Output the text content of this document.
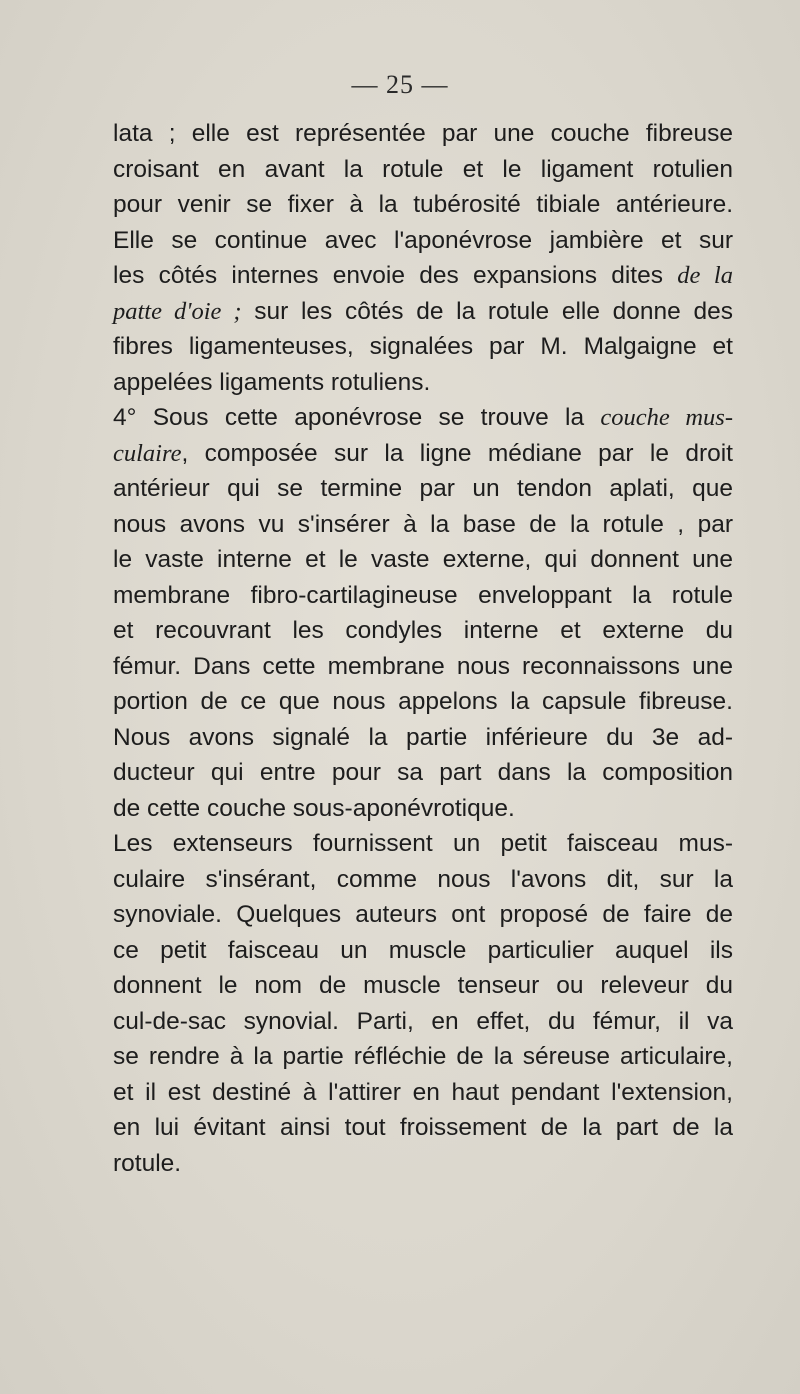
— 25 —
lata ; elle est représentée par une couche fibreuse
croisant en avant la rotule et le ligament rotulien
pour venir se fixer à la tubérosité tibiale antérieure.
Elle se continue avec l'aponévrose jambière et sur
les côtés internes envoie des expansions dites de la
patte d'oie ; sur les côtés de la rotule elle donne des
fibres ligamenteuses, signalées par M. Malgaigne et
appelées ligaments rotuliens.
4° Sous cette aponévrose se trouve la couche mus-
culaire, composée sur la ligne médiane par le droit
antérieur qui se termine par un tendon aplati, que
nous avons vu s'insérer à la base de la rotule , par
le vaste interne et le vaste externe, qui donnent une
membrane fibro-cartilagineuse enveloppant la rotule
et recouvrant les condyles interne et externe du
fémur. Dans cette membrane nous reconnaissons une
portion de ce que nous appelons la capsule fibreuse.
Nous avons signalé la partie inférieure du 3e ad-
ducteur qui entre pour sa part dans la composition
de cette couche sous-aponévrotique.
Les extenseurs fournissent un petit faisceau mus-
culaire s'insérant, comme nous l'avons dit, sur la
synoviale. Quelques auteurs ont proposé de faire de
ce petit faisceau un muscle particulier auquel ils
donnent le nom de muscle tenseur ou releveur du
cul-de-sac synovial. Parti, en effet, du fémur, il va
se rendre à la partie réfléchie de la séreuse articulaire,
et il est destiné à l'attirer en haut pendant l'extension,
en lui évitant ainsi tout froissement de la part de la
rotule.
